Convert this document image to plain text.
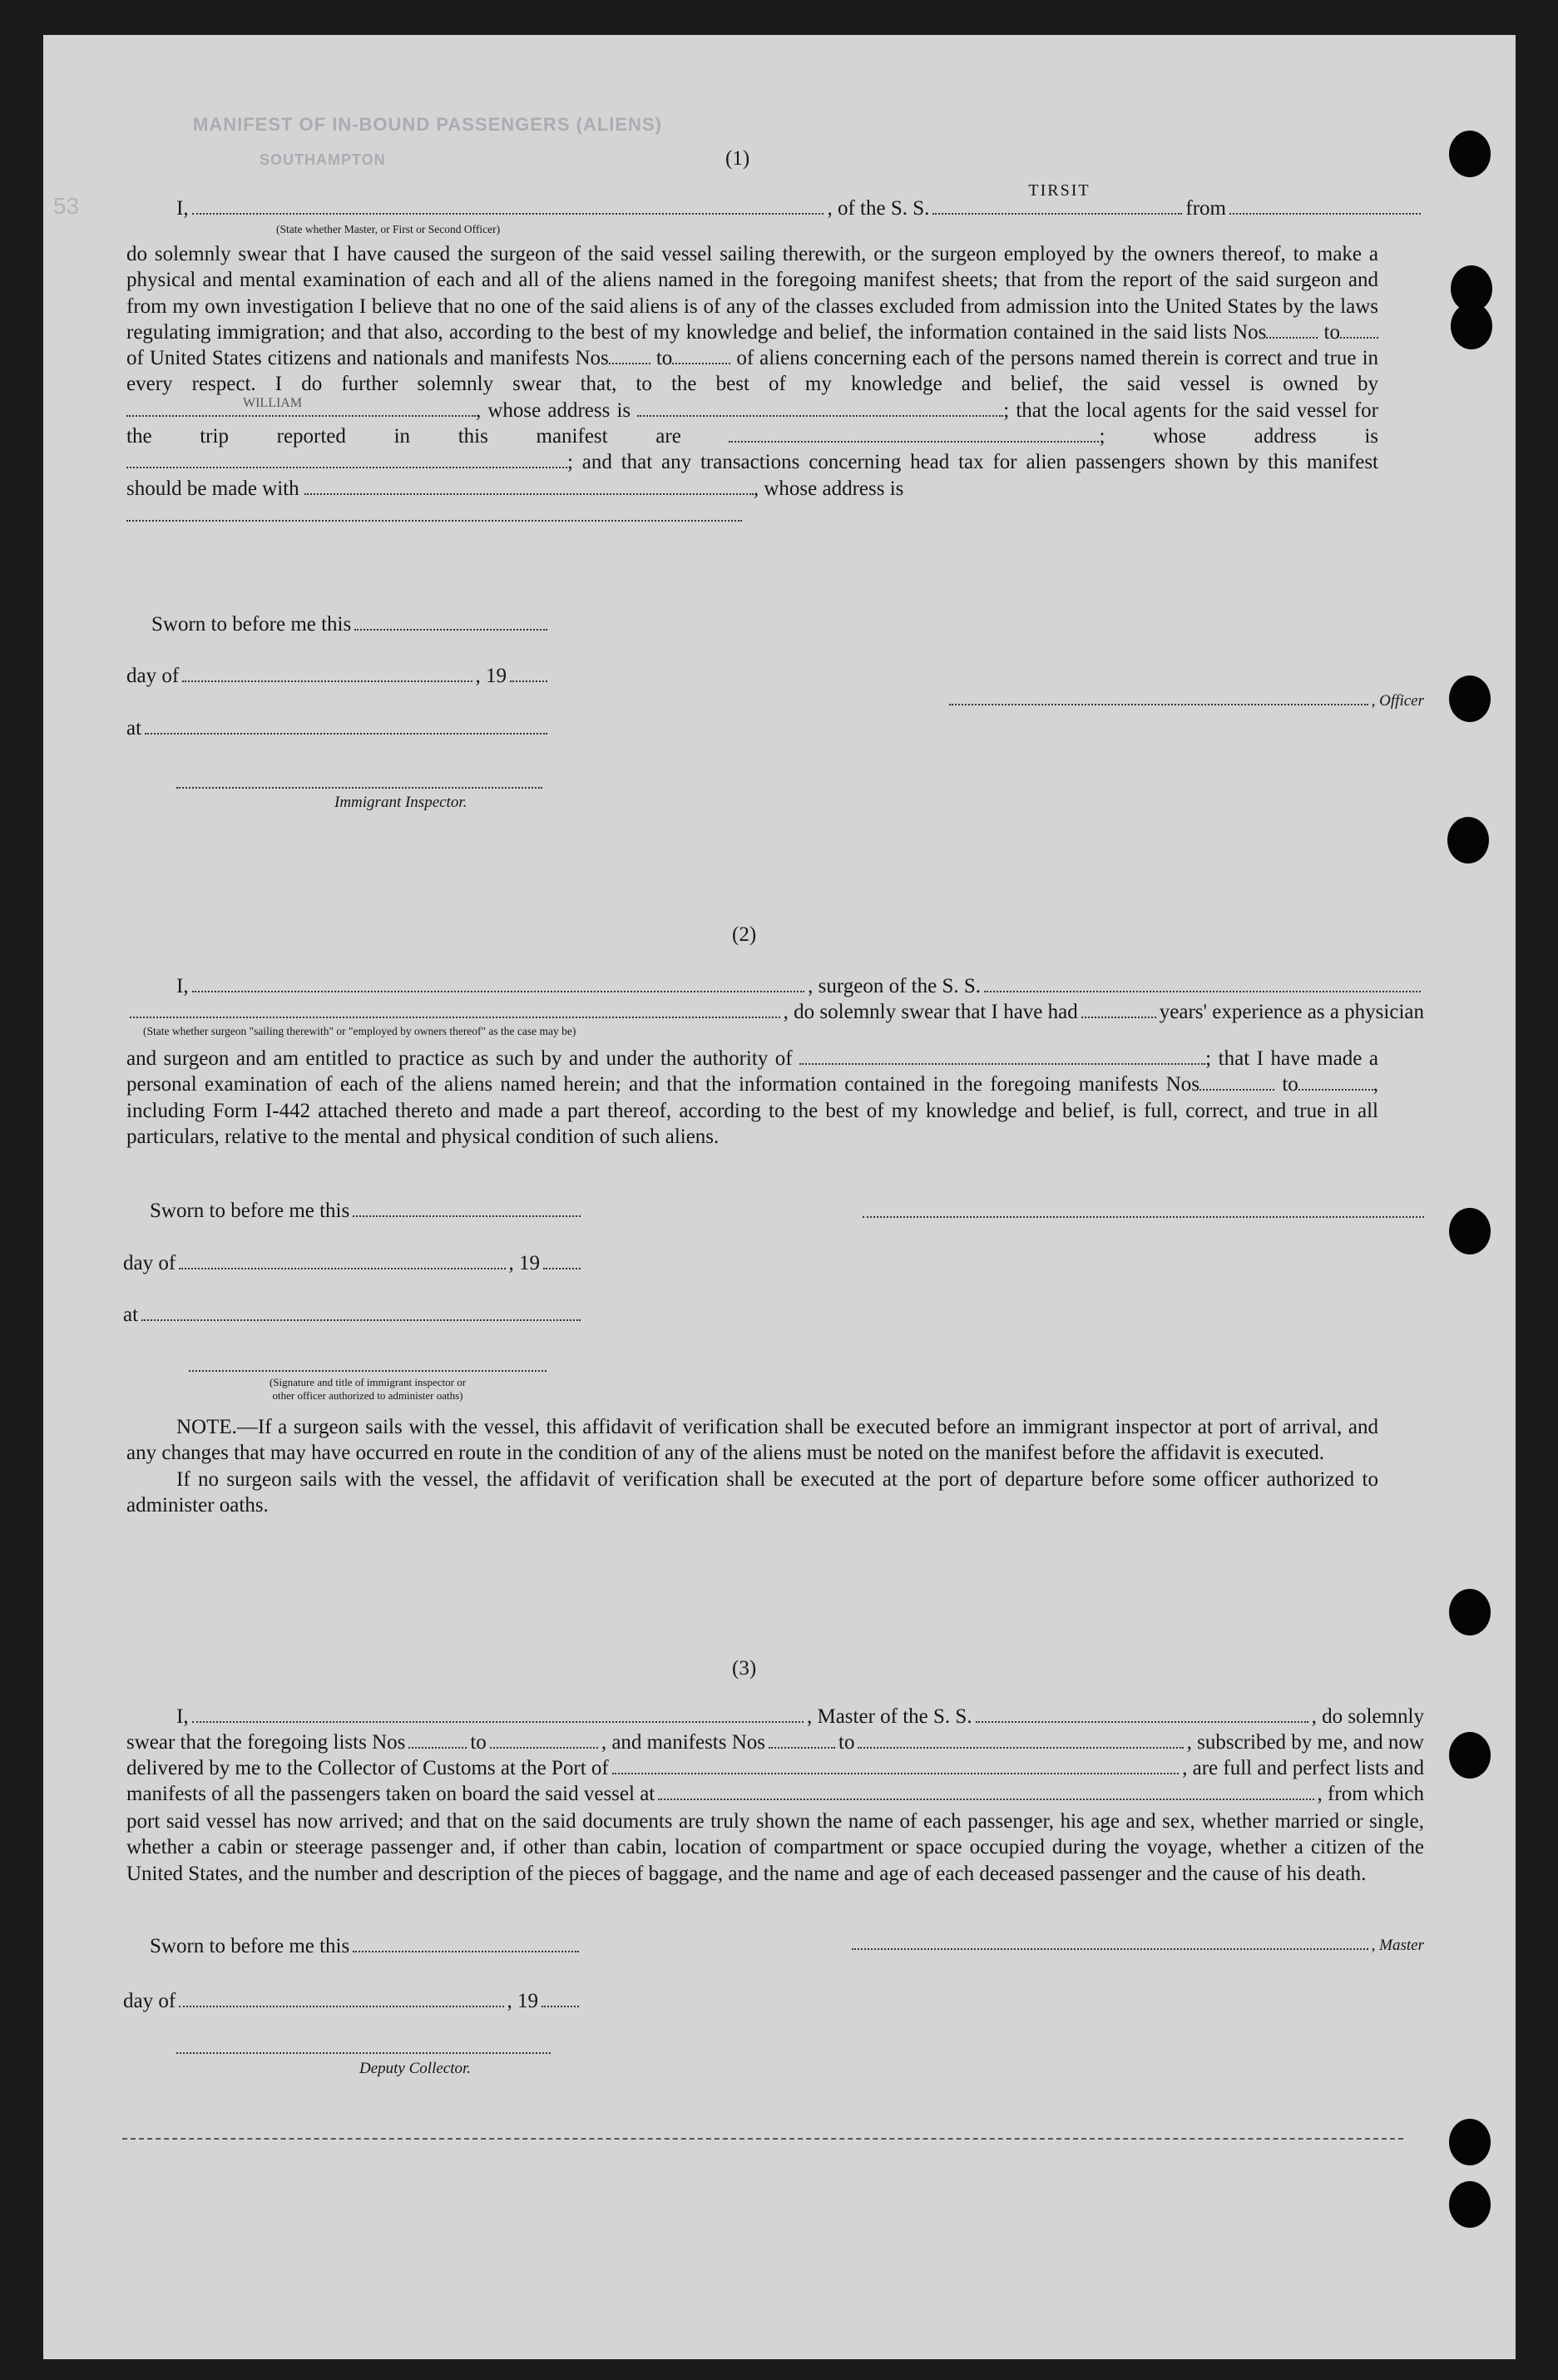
MANIFEST OF IN-BOUND PASSENGERS (ALIENS)
SOUTHAMPTON
53
(1)
I,	, of the S. S.
TIRSIT
from
(State whether Master, or First or Second Officer)

do solemnly swear that I have caused the surgeon of the said vessel sailing therewith, or the surgeon employed by the owners thereof, to make a physical and mental examination of each and all of the aliens named in the foregoing manifest sheets; that from the report of the said surgeon and from my own investigation I believe that no one of the said aliens is of any of the classes excluded from admission into the United States by the laws regulating immigration; and that also, according to the best of my knowledge and belief, the information contained in the said lists Nos	to of United States citizens and nationals and manifests Nos to	of aliens concerning each of the persons named therein is correct and true in every respect. I do further solemnly swear that, to the best of my knowledge and belief, the said vessel is owned by
WILLIAM	, whose address is	; that the local agents for the said vessel for the trip reported in this manifest are	; whose address is ; and that any transactions concerning head tax for alien passengers shown by this manifest should be made with	, whose address is

Sworn to before me this
day of	, 19
at
Immigrant Inspector.
, Officer
(2)
I,	, surgeon of the S. S.
, do solemnly swear that I have had	years' experience as a physician
(State whether surgeon "sailing therewith" or "employed by owners thereof" as the case may be)

and surgeon and am entitled to practice as such by and under the authority of	; that I have made a personal examination of each of the aliens named herein; and that the information contained in the foregoing manifests Nos	to	, including Form I-442 attached thereto and made a part thereof, according to the best of my knowledge and belief, is full, correct, and true in all particulars, relative to the mental and physical condition of such aliens.

Sworn to before me this
day of	, 19
at
(Signature and title of immigrant inspector or
other officer authorized to administer oaths)

NOTE.—If a surgeon sails with the vessel, this affidavit of verification shall be executed before an immigrant inspector at port of arrival, and any changes that may have occurred en route in the condition of any of the aliens must be noted on the manifest before the affidavit is executed.

If no surgeon sails with the vessel, the affidavit of verification shall be executed at the port of departure before some officer authorized to administer oaths.

(3)
I,	, Master of the S. S.	, do solemnly
swear that the foregoing lists Nos	to	, and manifests Nos	to	, subscribed by me, and now
delivered by me to the Collector of Customs at the Port of	, are full and perfect lists and
manifests of all the passengers taken on board the said vessel at	, from which

port said vessel has now arrived; and that on the said documents are truly shown the name of each passenger, his age and sex, whether married or single, whether a cabin or steerage passenger and, if other than cabin, location of compartment or space occupied during the voyage, whether a citizen of the United States, and the number and description of the pieces of baggage, and the name and age of each deceased passenger and the cause of his death.

Sworn to before me this	, Master
day of	, 19
Deputy Collector.
